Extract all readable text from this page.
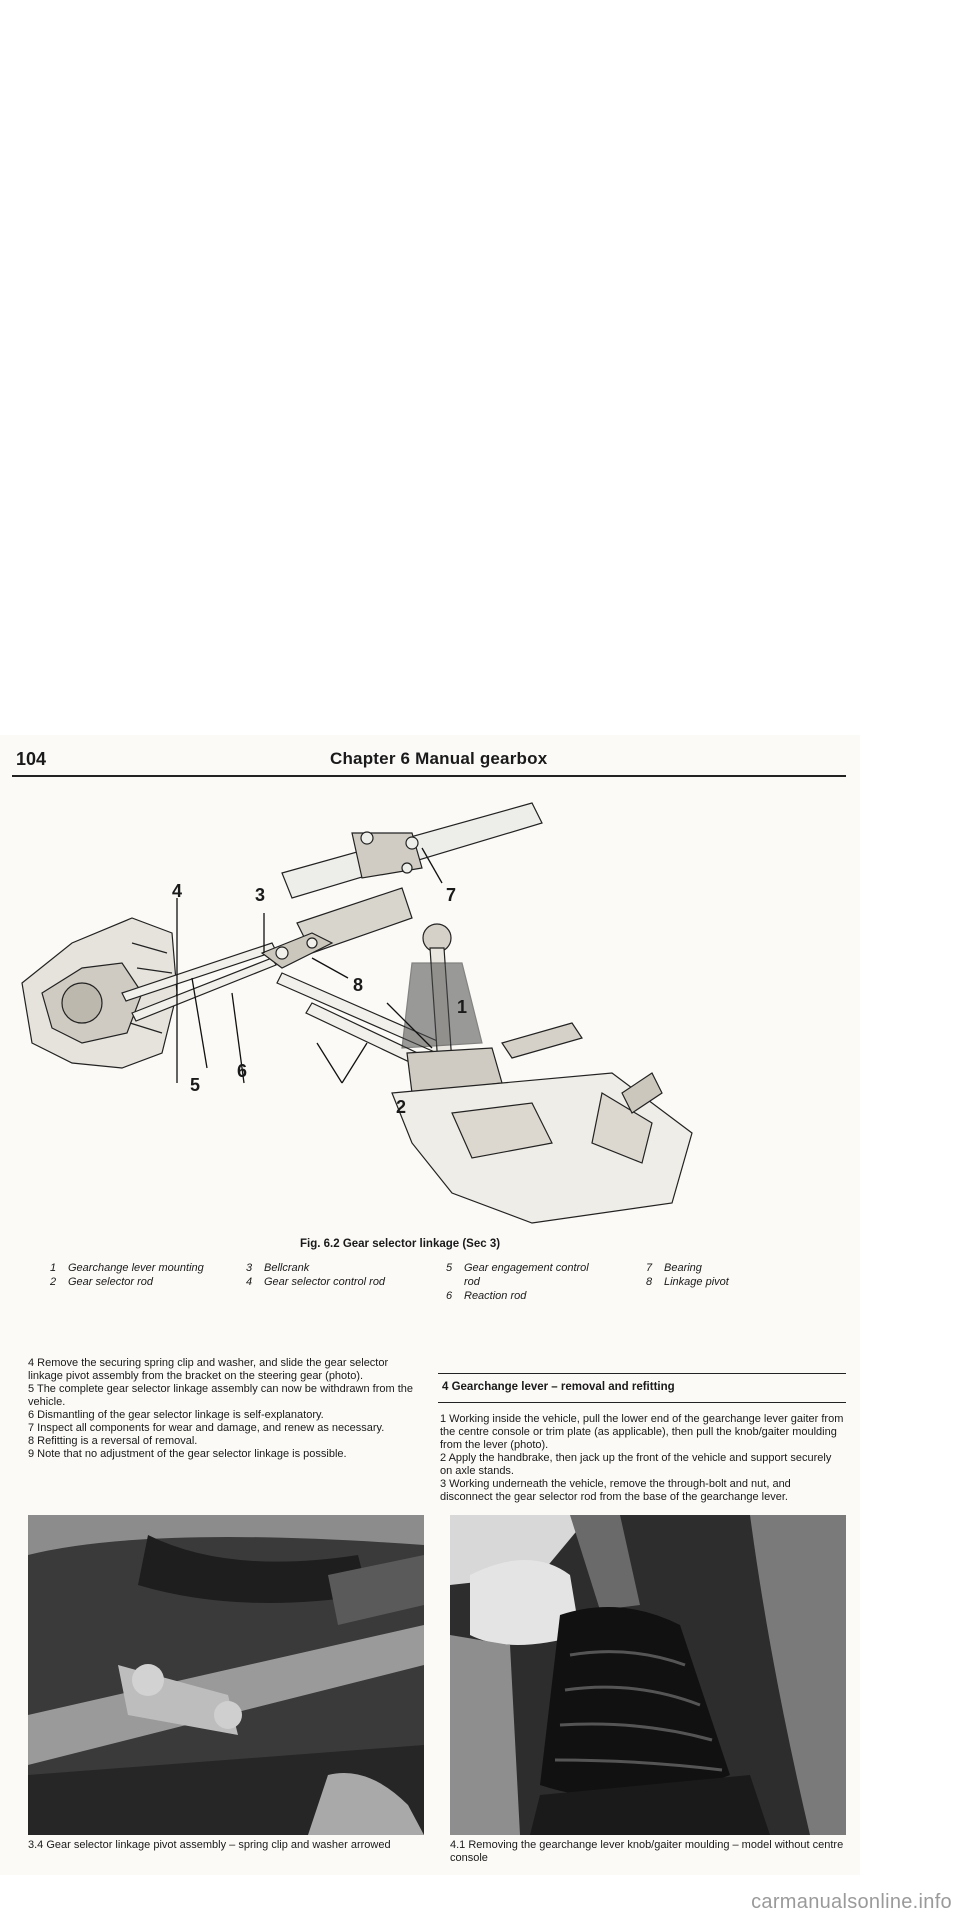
104	Chapter 6 Manual gearbox
1
2
3
4
5
6
7
8
Fig. 6.2 Gear selector linkage (Sec 3)
1	Gearchange lever mounting
2	Gear selector rod
3	Bellcrank
4	Gear selector control rod
5	Gear engagement control rod
6	Reaction rod
7	Bearing
8	Linkage pivot

4 Remove the securing spring clip and washer, and slide the gear selector linkage pivot assembly from the bracket on the steering gear (photo).

5 The complete gear selector linkage assembly can now be withdrawn from the vehicle.

6 Dismantling of the gear selector linkage is self-explanatory.

7 Inspect all components for wear and damage, and renew as necessary.

8 Refitting is a reversal of removal.

9 Note that no adjustment of the gear selector linkage is possible.

4 Gearchange lever – removal and refitting

1 Working inside the vehicle, pull the lower end of the gearchange lever gaiter from the centre console or trim plate (as applicable), then pull the knob/gaiter moulding from the lever (photo).

2 Apply the handbrake, then jack up the front of the vehicle and support securely on axle stands.

3 Working underneath the vehicle, remove the through-bolt and nut, and disconnect the gear selector rod from the base of the gearchange lever.

3.4 Gear selector linkage pivot assembly – spring clip and washer arrowed	4.1 Removing the gearchange lever knob/gaiter moulding – model without centre console
carmanualsonline.info
